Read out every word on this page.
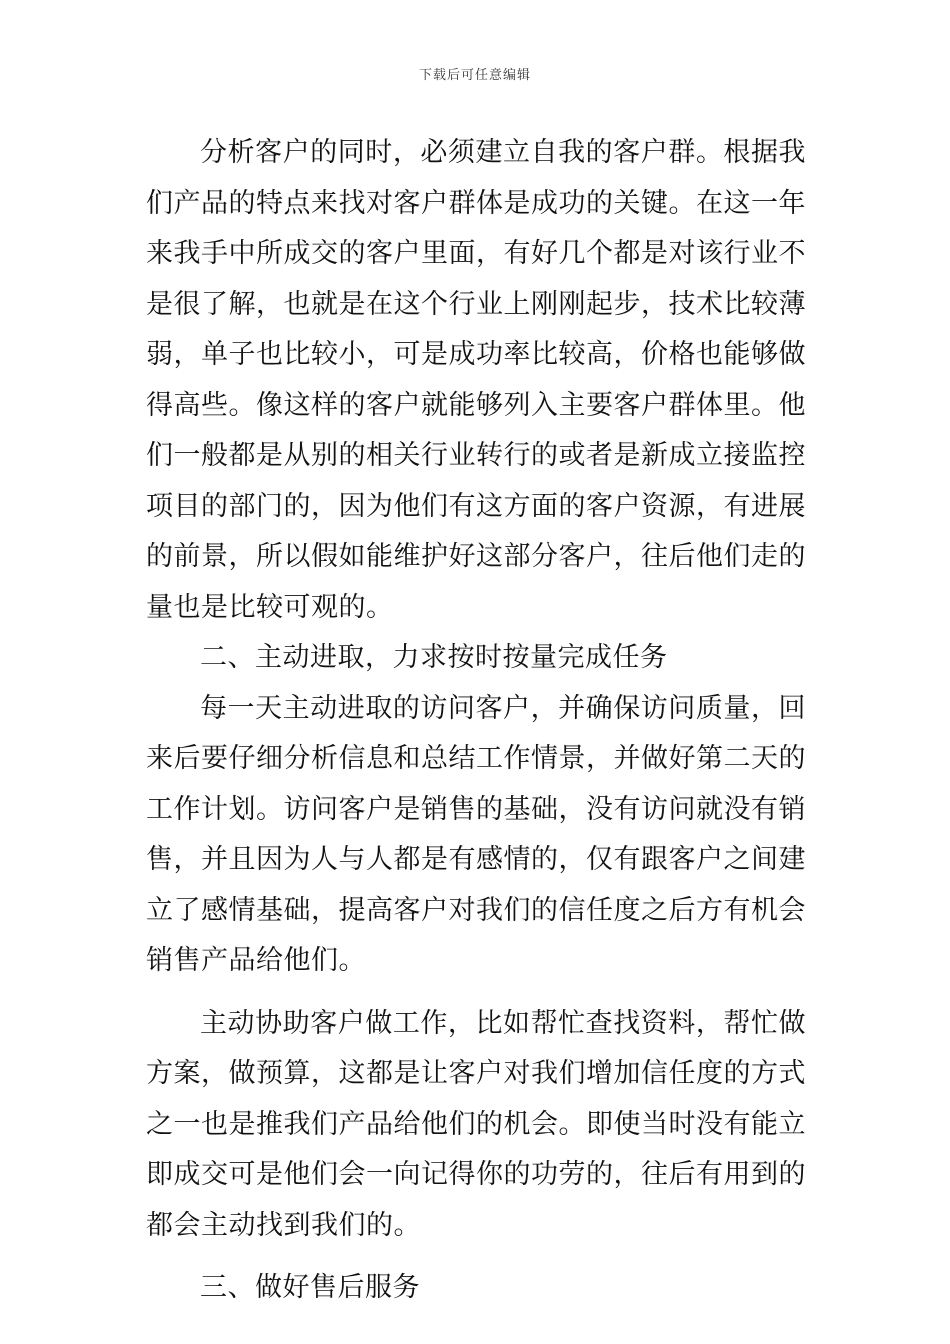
下载后可任意编辑

分析客户的同时，必须建立自我的客户群。根据我们产品的特点来找对客户群体是成功的关键。在这一年来我手中所成交的客户里面，有好几个都是对该行业不是很了解，也就是在这个行业上刚刚起步，技术比较薄弱，单子也比较小，可是成功率比较高，价格也能够做得高些。像这样的客户就能够列入主要客户群体里。他们一般都是从别的相关行业转行的或者是新成立接监控项目的部门的，因为他们有这方面的客户资源，有进展的前景，所以假如能维护好这部分客户，往后他们走的量也是比较可观的。

二、主动进取，力求按时按量完成任务

每一天主动进取的访问客户，并确保访问质量，回来后要仔细分析信息和总结工作情景，并做好第二天的工作计划。访问客户是销售的基础，没有访问就没有销售，并且因为人与人都是有感情的，仅有跟客户之间建立了感情基础，提高客户对我们的信任度之后方有机会销售产品给他们。

主动协助客户做工作，比如帮忙查找资料，帮忙做方案，做预算，这都是让客户对我们增加信任度的方式之一也是推我们产品给他们的机会。即使当时没有能立即成交可是他们会一向记得你的功劳的，往后有用到的都会主动找到我们的。

三、做好售后服务
